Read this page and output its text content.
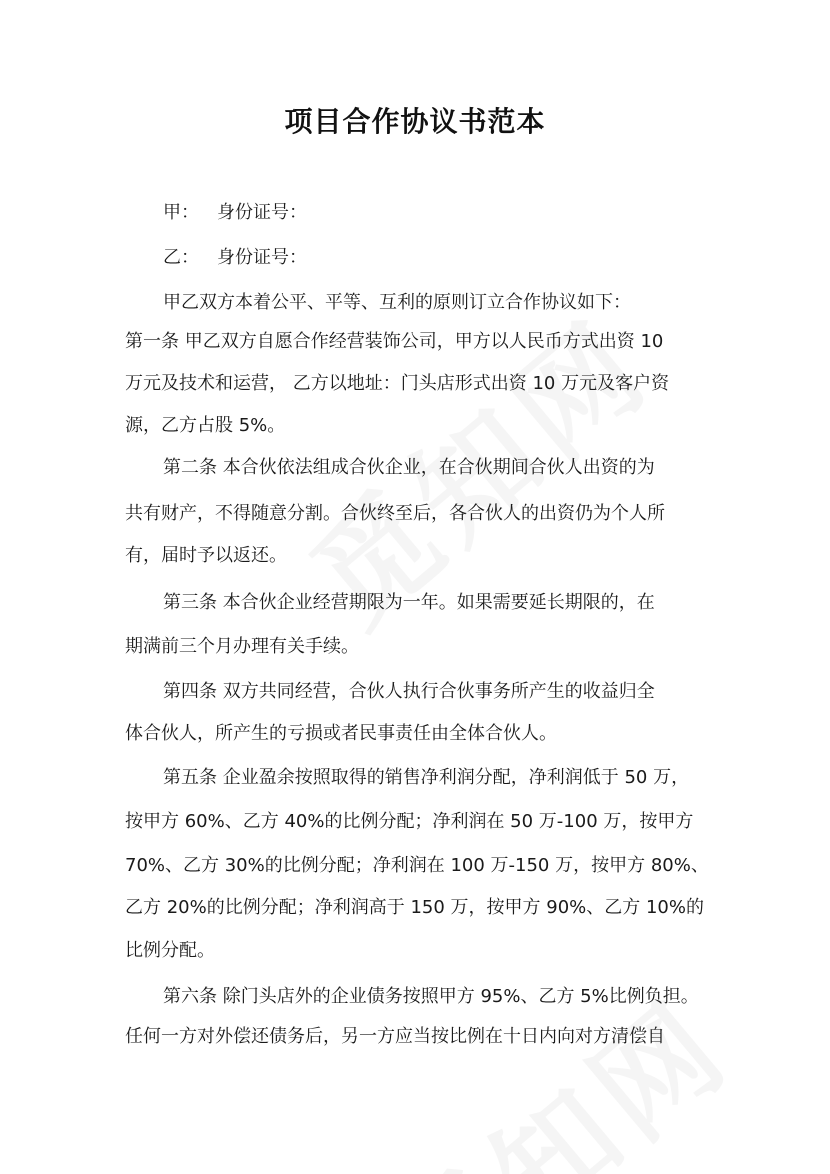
项目合作协议书范本
甲： 身份证号：
乙： 身份证号：
甲乙双方本着公平、平等、互利的原则订立合作协议如下：
第一条 甲乙双方自愿合作经营装饰公司，甲方以人民币方式出资 10
万元及技术和运营， 乙方以地址：门头店形式出资 10 万元及客户资
源，乙方占股 5%。
第二条 本合伙依法组成合伙企业，在合伙期间合伙人出资的为
共有财产，不得随意分割。合伙终至后，各合伙人的出资仍为个人所
有，届时予以返还。
第三条 本合伙企业经营期限为一年。如果需要延长期限的，在
期满前三个月办理有关手续。
第四条 双方共同经营，合伙人执行合伙事务所产生的收益归全
体合伙人，所产生的亏损或者民事责任由全体合伙人。
第五条 企业盈余按照取得的销售净利润分配，净利润低于 50 万，
按甲方 60%、乙方 40%的比例分配；净利润在 50 万-100 万，按甲方
70%、乙方 30%的比例分配；净利润在 100 万-150 万，按甲方 80%、
乙方 20%的比例分配；净利润高于 150 万，按甲方 90%、乙方 10%的
比例分配。
第六条 除门头店外的企业债务按照甲方 95%、乙方 5%比例负担。
任何一方对外偿还债务后，另一方应当按比例在十日内向对方清偿自
